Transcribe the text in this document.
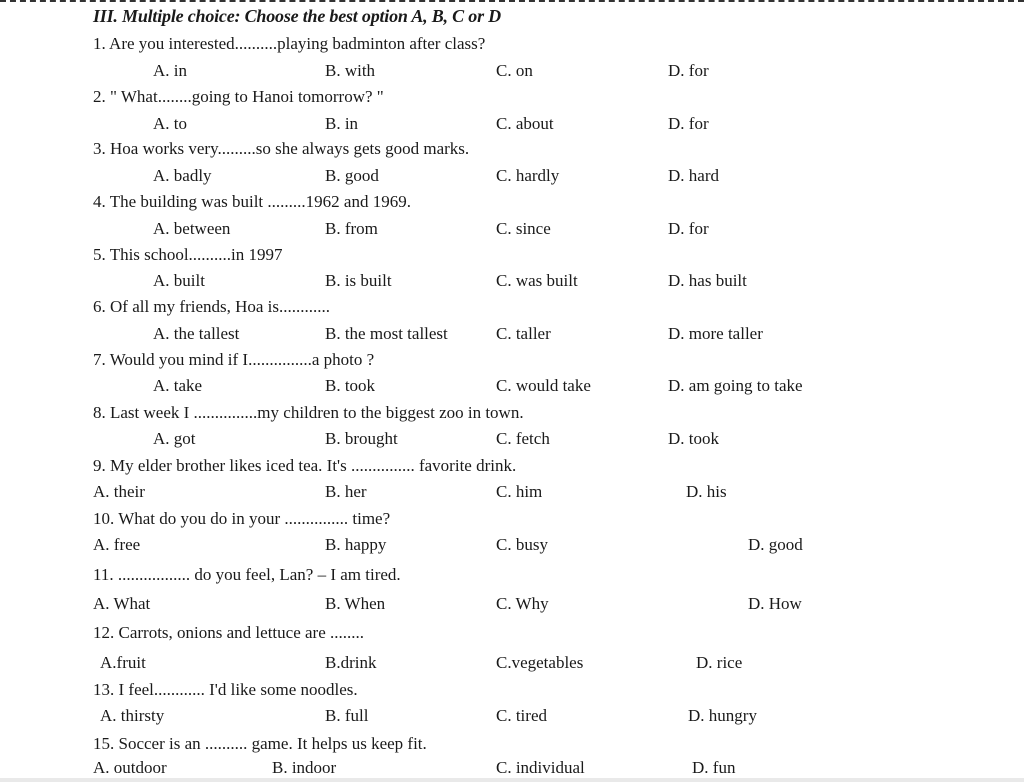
III. Multiple choice: Choose the best option A, B, C or D
1. Are you interested..........playing badminton after class?
A. in	B. with	C. on	D. for
2. " What........going to Hanoi tomorrow? "
A. to	B. in	C. about	D. for
3. Hoa works very.........so she always gets good marks.
A. badly	B. good	C. hardly	D. hard
4. The building was built .........1962 and 1969.
A. between	B. from	C. since	D. for
5. This school..........in 1997
A. built	B. is built	C. was built	D. has built
6. Of all my friends, Hoa is............
A. the tallest	B. the most tallest	C. taller	D. more taller
7. Would you mind if I...............a photo ?
A. take	B. took	C. would take	D. am going to take
8. Last week I ...............my children to the biggest zoo in town.
A. got	B. brought	C. fetch	D. took
9. My elder brother likes iced tea. It's ............... favorite drink.
A. their	B. her	C. him	D. his
10. What do you do in your ............... time?
A. free	B. happy	C. busy	D. good
11. ................. do you feel, Lan? – I am tired.
A. What	B. When	C. Why	D. How
12. Carrots, onions and lettuce are ........
A.fruit	B.drink	C.vegetables	D. rice
13. I feel............ I'd like some noodles.
A. thirsty	B. full	C. tired	D. hungry
15. Soccer is an .......... game. It helps us keep fit.
A. outdoor	B. indoor	C. individual	D. fun
